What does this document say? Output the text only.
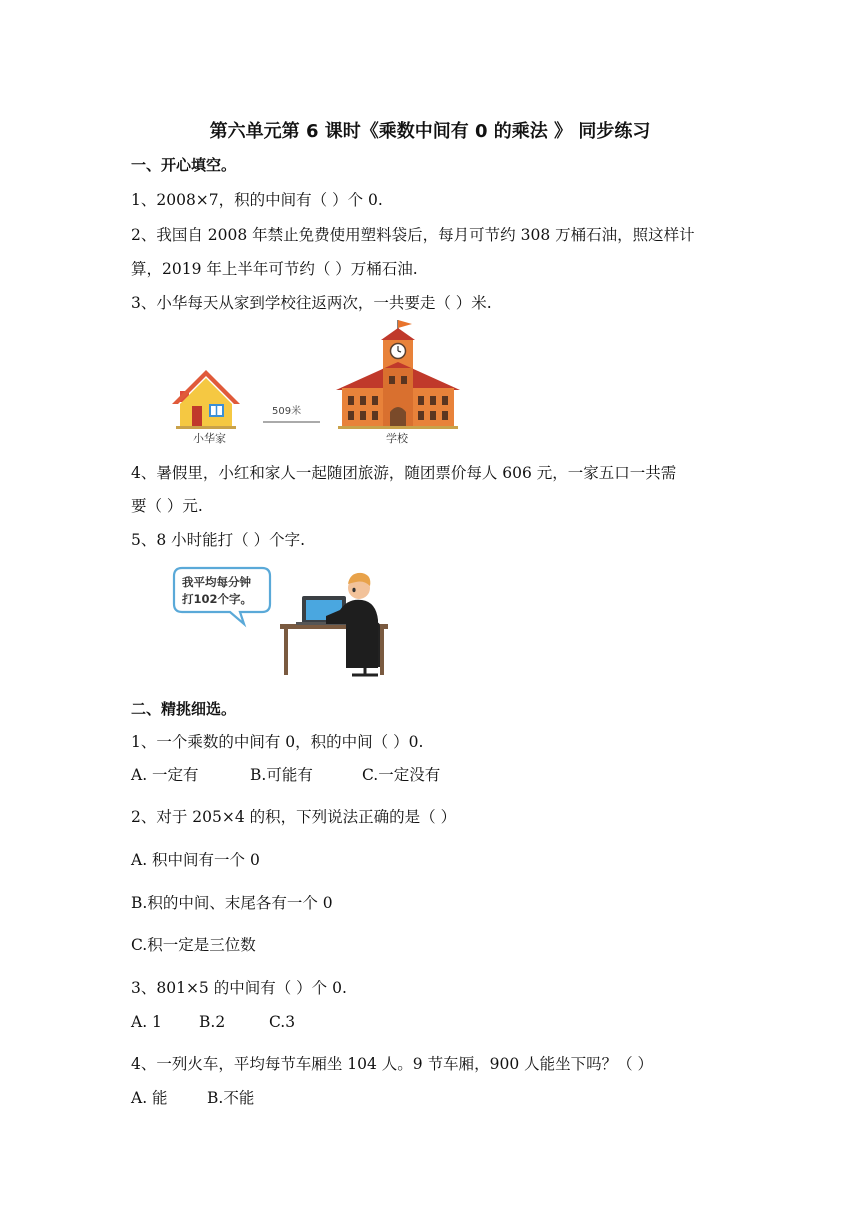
第六单元第 6 课时《乘数中间有 0 的乘法 》 同步练习
一、开心填空。
1、2008×7，积的中间有（ ）个 0.
2、我国自 2008 年禁止免费使用塑料袋后，每月可节约 308 万桶石油，照这样计
算，2019 年上半年可节约（ ）万桶石油.
3、小华每天从家到学校往返两次，一共要走（ ）米.
小华家
509米
学校
4、暑假里，小红和家人一起随团旅游，随团票价每人 606 元，一家五口一共需
要（ ）元.
5、8 小时能打（ ）个字.
我平均每分钟
打102个字。
二、精挑细选。
1、一个乘数的中间有 0，积的中间（ ）0.
A. 一定有	B.可能有	C.一定没有
2、对于 205×4 的积，下列说法正确的是（ ）
A. 积中间有一个 0
B.积的中间、末尾各有一个 0
C.积一定是三位数
3、801×5 的中间有（ ）个 0.
A. 1 B.2	C.3
4、一列火车，平均每节车厢坐 104 人。9 节车厢，900 人能坐下吗？（ ）
A. 能	B.不能
